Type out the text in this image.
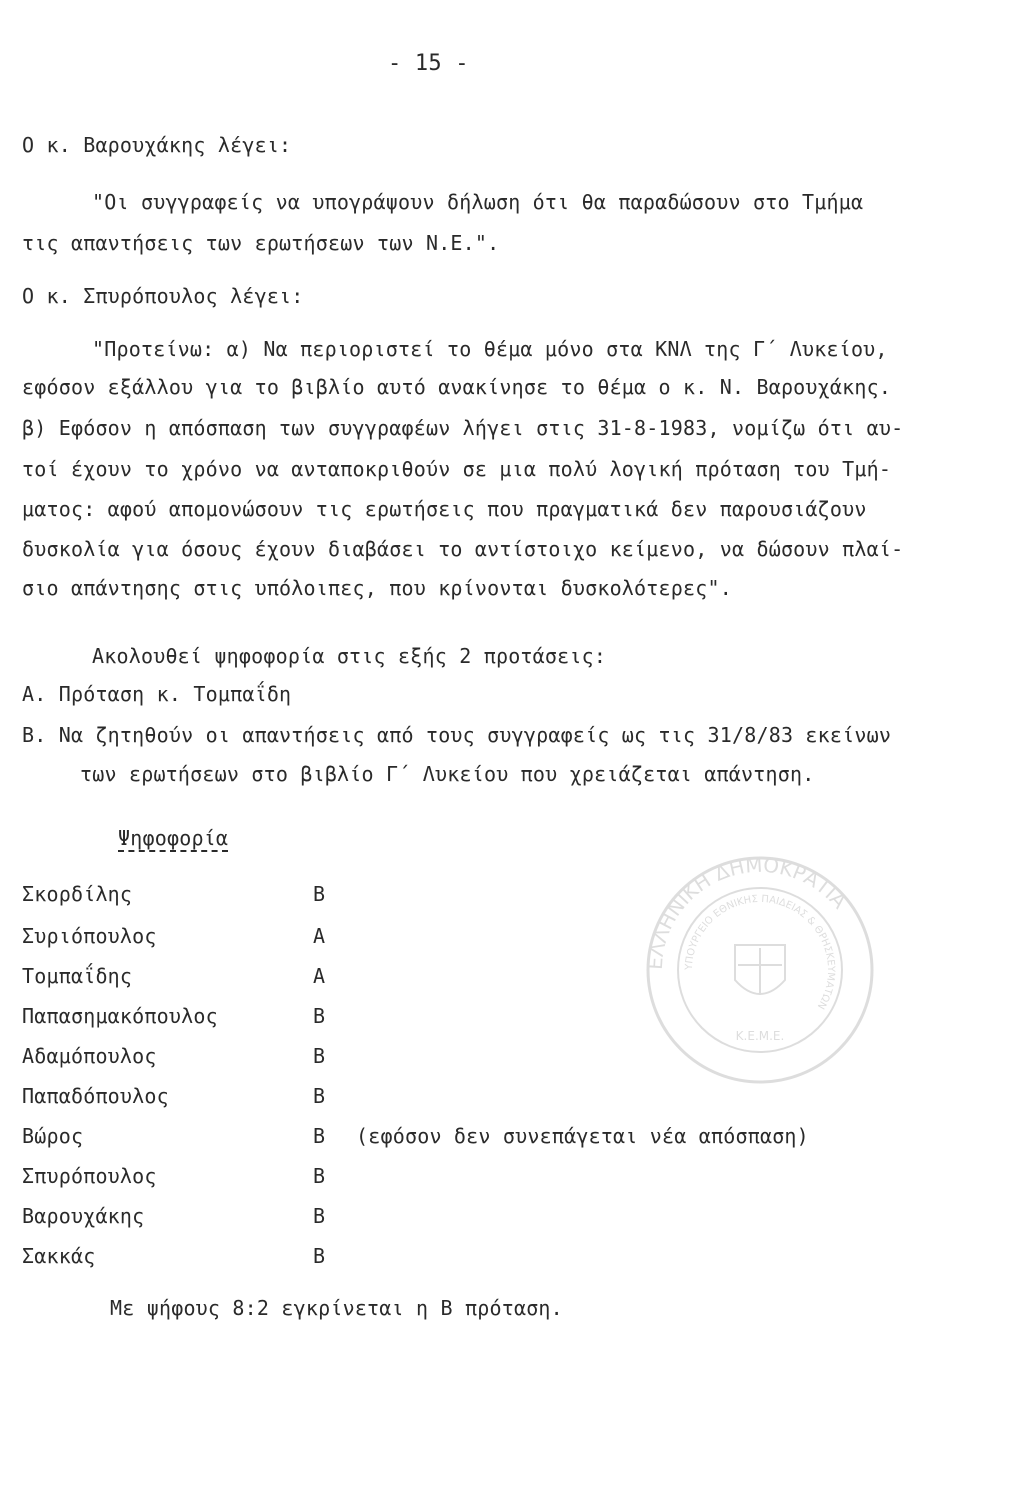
- 15 -
Ο κ. Βαρουχάκης λέγει:
"Οι συγγραφείς να υπογράψουν δήλωση ότι θα παραδώσουν στο Τμήμα
τις απαντήσεις των ερωτήσεων των Ν.Ε.".
Ο κ. Σπυρόπουλος λέγει:
"Προτείνω: α) Να περιοριστεί το θέμα μόνο στα ΚΝΛ της Γ΄ Λυκείου,
εφόσον εξάλλου για το βιβλίο αυτό ανακίνησε το θέμα ο κ. Ν. Βαρουχάκης.
β) Εφόσον η απόσπαση των συγγραφέων λήγει στις 31-8-1983, νομίζω ότι αυ-
τοί έχουν το χρόνο να ανταποκριθούν σε μια πολύ λογική πρόταση του Τμή-
ματος: αφού απομονώσουν τις ερωτήσεις που πραγματικά δεν παρουσιάζουν
δυσκολία για όσους έχουν διαβάσει το αντίστοιχο κείμενο, να δώσουν πλαί-
σιο απάντησης στις υπόλοιπες, που κρίνονται δυσκολότερες".
Ακολουθεί ψηφοφορία στις εξής 2 προτάσεις:
Α. Πρόταση κ. Τομπαΐδη
Β. Να ζητηθούν οι απαντήσεις από τους συγγραφείς ως τις 31/8/83 εκείνων
των ερωτήσεων στο βιβλίο Γ΄ Λυκείου που χρειάζεται απάντηση.
Ψηφοφορία
Σκορδίλης	Β
Συριόπουλος	Α
Τομπαΐδης	Α
Παπασημακόπουλος	Β
Αδαμόπουλος	Β
Παπαδόπουλος	Β
Βώρος	Β (εφόσον δεν συνεπάγεται νέα απόσπαση)
Σπυρόπουλος	Β
Βαρουχάκης	Β
Σακκάς	Β
Με ψήφους 8:2 εγκρίνεται η Β πρόταση.
ΕΛΛΗΝΙΚΗ ΔΗΜΟΚΡΑΤΙΑ
ΥΠΟΥΡΓΕΙΟ ΕΘΝΙΚΗΣ ΠΑΙΔΕΙΑΣ & ΘΡΗΣΚΕΥΜΑΤΩΝ
Κ.Ε.Μ.Ε.
